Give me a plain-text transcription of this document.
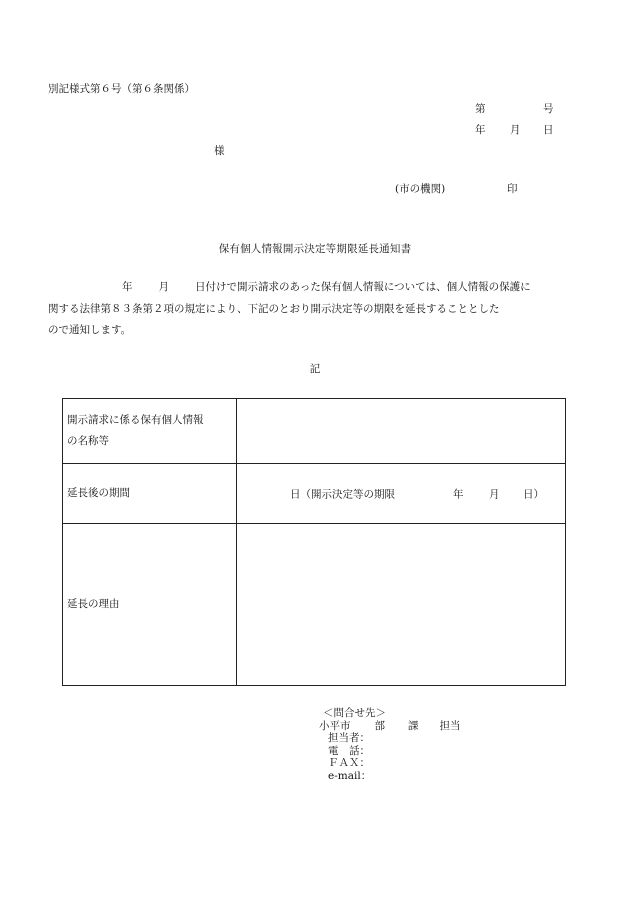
別記様式第６号（第６条関係）
第	号
年 月 日
様
(市の機関)	印
保有個人情報開示決定等期限延長通知書
年 月 日付けで開示請求のあった保有個人情報については、個人情報の保護に
関する法律第８３条第２項の規定により、下記のとおり開示決定等の期限を延長することとした
ので通知します。
記
開示請求に係る保有個人情報
の名称等	

延長後の期間	日（開示決定等の期限 年 月 日）

延長の理由	
＜問合せ先＞
小平市 部 課 担当
担当者：
電　話：
ＦＡＸ：
e-mail：
